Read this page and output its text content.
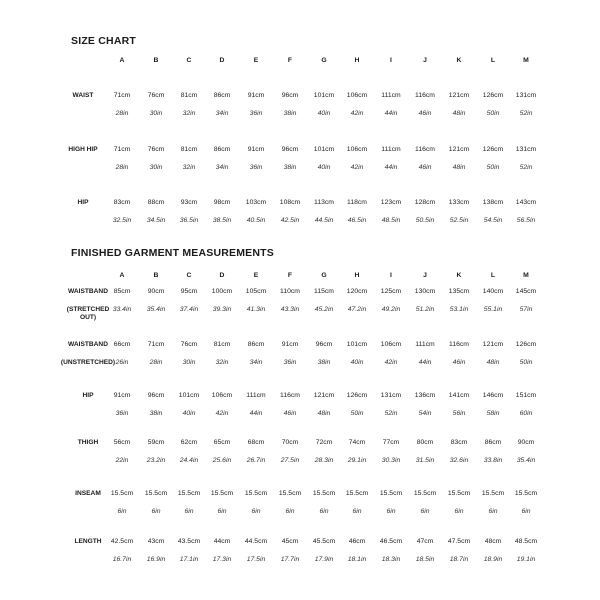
SIZE CHART
A	B	C	D	E	F	G	H	I	J	K	L	M
WAIST	71cm	76cm 81cm 86cm	91cm	96cm 101cm 106cm 111cm 116cm 121cm 126cm 131cm
28in	30in	32in	34in	36in	38in	40in	42in	44in	46in	48in	50in	52in
HIGH HIP 71cm	76cm 81cm 86cm	91cm	96cm 101cm 106cm 111cm 116cm 121cm 126cm 131cm
28in	30in	32in	34in	36in	38in	40in	42in	44in	46in	48in	50in	52in
HIP	83cm	88cm 93cm 98cm 103cm 108cm 113cm 118cm 123cm 128cm 133cm 138cm 143cm
32.5in 34.5in 36.5in 38.5in 40.5in 42.5in 44.5in 46.5in 48.5in 50.5in 52.5in 54.5in 56.5in
FINISHED GARMENT MEASUREMENTS
A	B	C	D	E	F	G	H	I	J	K	L	M
WAISTBAND
(STRETCHED OUT)
85cm	90cm 95cm 100cm 105cm 110cm 115cm 120cm 125cm 130cm 135cm 140cm 145cm
33.4in 35.4in 37.4in 39.3in 41.3in 43.3in 45.2in 47.2in 49.2in 51.2in 53.1in 55.1in	57in
WAISTBAND
(UNSTRETCHED)
66cm	71cm 76cm 81cm	86cm	91cm	96cm 101cm 106cm 111cm 116cm 121cm 126cm
26in	28in	30in	32in	34in	36in	38in	40in	42in	44in	46in	48in	50in
HIP	91cm	96cm 101cm 106cm 111cm 116cm 121cm 126cm 131cm 136cm 141cm 146cm 151cm
36in	38in	40in	42in	44in	46in	48in	50in	52in	54in	56in	58in	60in
THIGH 56cm	59cm 62cm 65cm	68cm	70cm	72cm 74cm	77cm	80cm	83cm	86cm 90cm
22in	23.2in 24.4in 25.6in 26.7in 27.5in 28.3in 29.1in 30.3in 31.5in 32.6in 33.8in 35.4in
INSEAM 15.5cm 15.5cm 15.5cm 15.5cm 15.5cm 15.5cm 15.5cm 15.5cm 15.5cm 15.5cm 15.5cm 15.5cm 15.5cm
6in	6in	6in	6in	6in	6in	6in	6in	6in	6in	6in	6in	6in
LENGTH 42.5cm 43cm 43.5cm 44cm 44.5cm 45cm 45.5cm 46cm 46.5cm 47cm 47.5cm 48cm 48.5cm
16.7in 16.9in 17.1in 17.3in 17.5in 17.7in 17.9in 18.1in 18.3in 18.5in 18.7in 18.9in 19.1in
